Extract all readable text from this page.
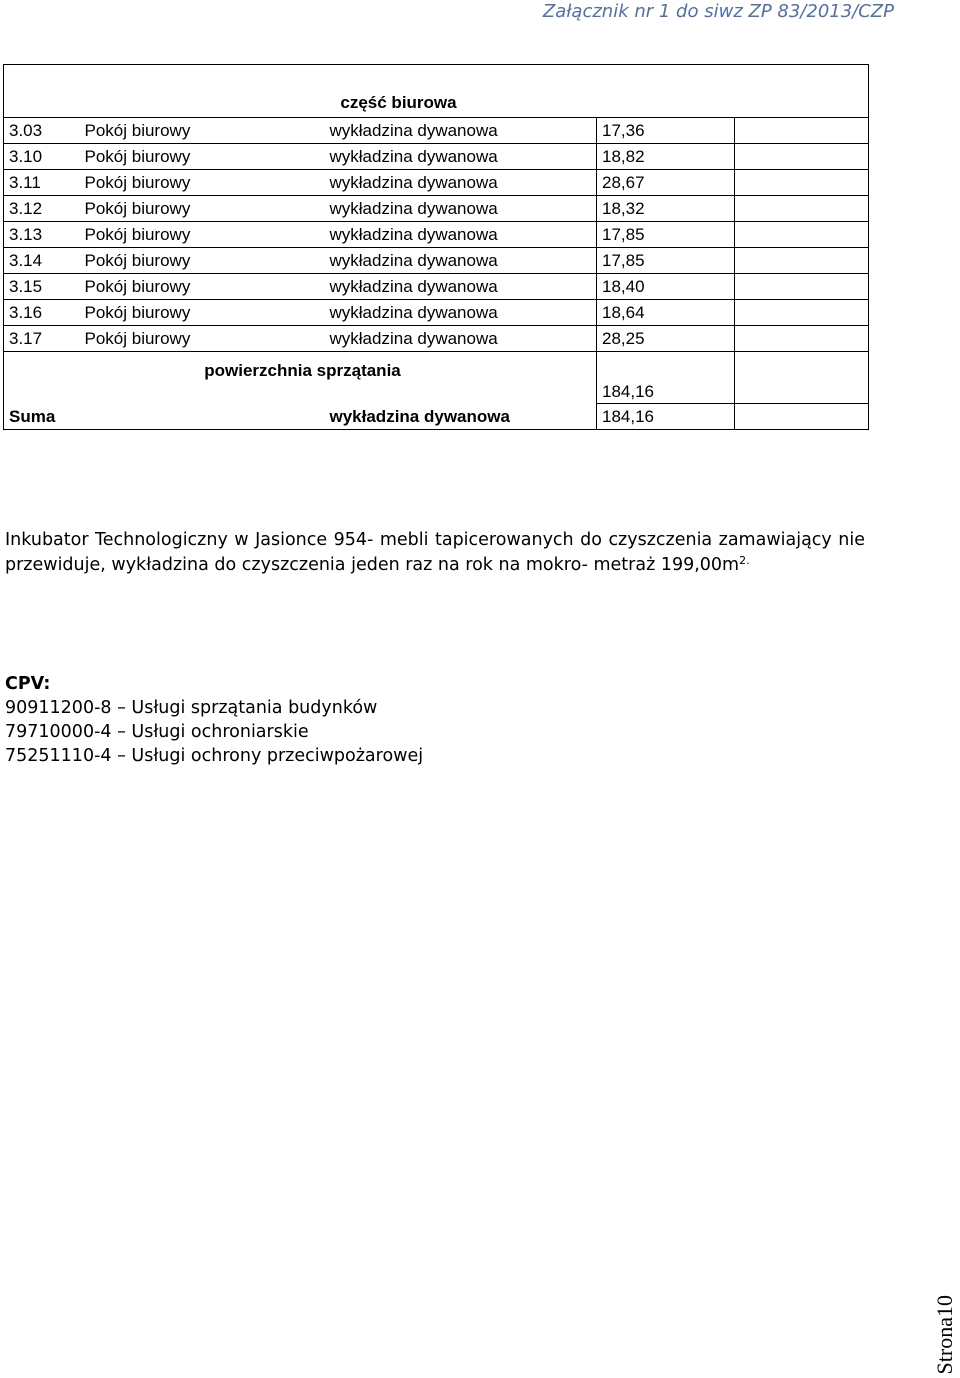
Załącznik nr 1 do siwz ZP 83/2013/CZP
część biurowa				
3.03	Pokój biurowy	wykładzina dywanowa	17,36	
3.10	Pokój biurowy	wykładzina dywanowa	18,82	
3.11	Pokój biurowy	wykładzina dywanowa	28,67	
3.12	Pokój biurowy	wykładzina dywanowa	18,32	
3.13	Pokój biurowy	wykładzina dywanowa	17,85	
3.14	Pokój biurowy	wykładzina dywanowa	17,85	
3.15	Pokój biurowy	wykładzina dywanowa	18,40	
3.16	Pokój biurowy	wykładzina dywanowa	18,64	
3.17	Pokój biurowy	wykładzina dywanowa	28,25	
powierzchnia sprzątania			184,16	
Suma		wykładzina dywanowa	184,16	
Inkubator Technologiczny w Jasionce 954- mebli tapicerowanych do czyszczenia zamawiający nie przewiduje, wykładzina do czyszczenia jeden raz na rok na mokro- metraż $199,00m^{2.}$
CPV:
90911200-8 – Usługi sprzątania budynków
79710000-4 – Usługi ochroniarskie
75251110-4 – Usługi ochrony przeciwpożarowej
Strona10
